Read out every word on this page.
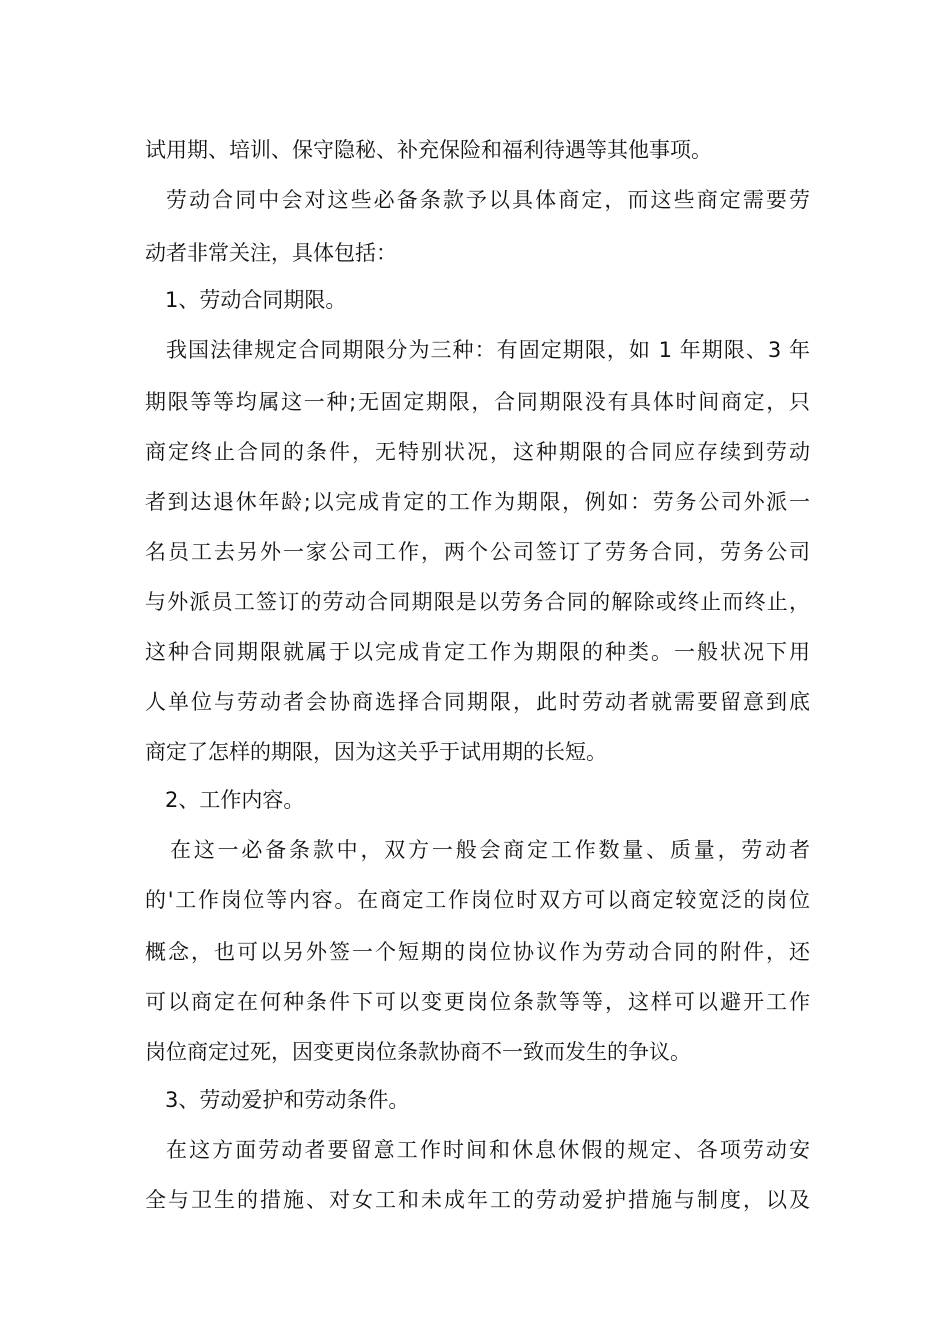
试用期、培训、保守隐秘、补充保险和福利待遇等其他事项。
劳动合同中会对这些必备条款予以具体商定，而这些商定需要劳
动者非常关注，具体包括：
1、劳动合同期限。
我国法律规定合同期限分为三种：有固定期限，如 1 年期限、3 年
期限等等均属这一种;无固定期限，合同期限没有具体时间商定，只
商定终止合同的条件，无特别状况，这种期限的合同应存续到劳动
者到达退休年龄;以完成肯定的工作为期限，例如：劳务公司外派一
名员工去另外一家公司工作，两个公司签订了劳务合同，劳务公司
与外派员工签订的劳动合同期限是以劳务合同的解除或终止而终止，
这种合同期限就属于以完成肯定工作为期限的种类。一般状况下用
人单位与劳动者会协商选择合同期限，此时劳动者就需要留意到底
商定了怎样的期限，因为这关乎于试用期的长短。
2、工作内容。
在这一必备条款中，双方一般会商定工作数量、质量，劳动者
的'工作岗位等内容。在商定工作岗位时双方可以商定较宽泛的岗位
概念，也可以另外签一个短期的岗位协议作为劳动合同的附件，还
可以商定在何种条件下可以变更岗位条款等等，这样可以避开工作
岗位商定过死，因变更岗位条款协商不一致而发生的争议。
3、劳动爱护和劳动条件。
在这方面劳动者要留意工作时间和休息休假的规定、各项劳动安
全与卫生的措施、对女工和未成年工的劳动爱护措施与制度，以及
